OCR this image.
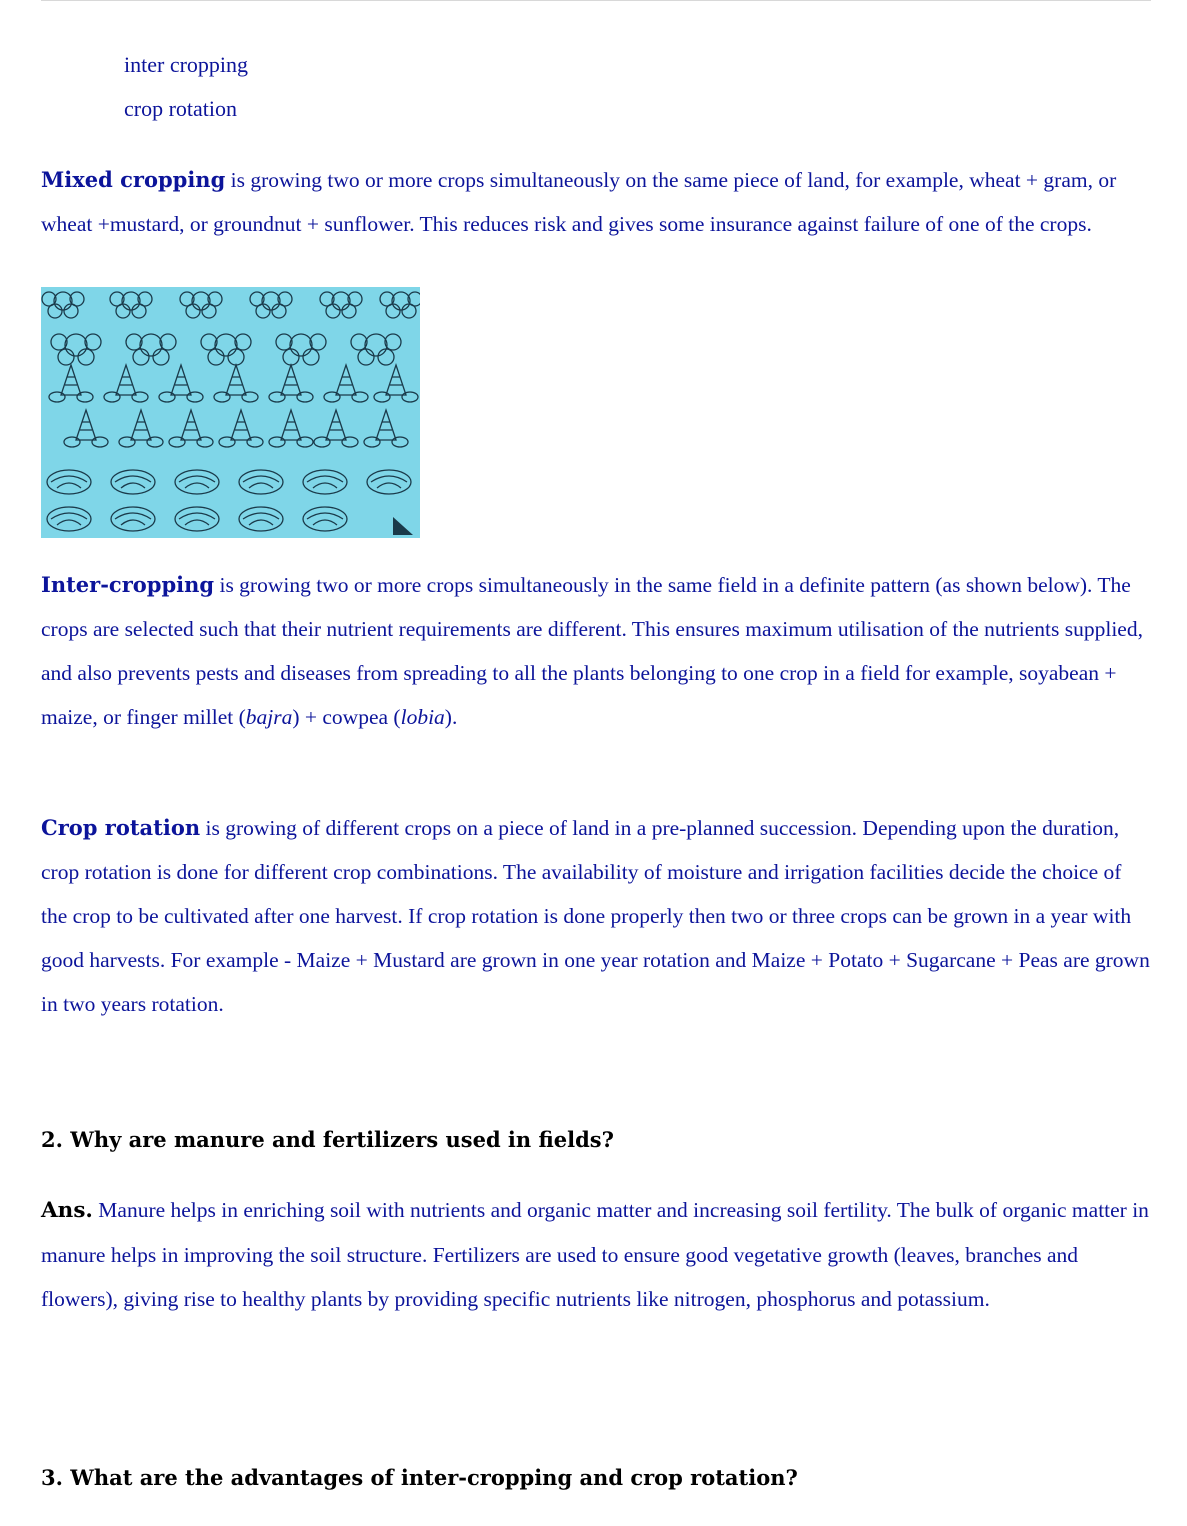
inter cropping
crop rotation
Mixed cropping is growing two or more crops simultaneously on the same piece of land, for example, wheat + gram, or wheat +mustard, or groundnut + sunflower. This reduces risk and gives some insurance against failure of one of the crops.
Inter-cropping is growing two or more crops simultaneously in the same field in a definite pattern (as shown below). The crops are selected such that their nutrient requirements are different. This ensures maximum utilisation of the nutrients supplied, and also prevents pests and diseases from spreading to all the plants belonging to one crop in a field for example, soyabean + maize, or finger millet (bajra) + cowpea (lobia).
Crop rotation is growing of different crops on a piece of land in a pre-planned succession. Depending upon the duration, crop rotation is done for different crop combinations. The availability of moisture and irrigation facilities decide the choice of the crop to be cultivated after one harvest. If crop rotation is done properly then two or three crops can be grown in a year with good harvests. For example - Maize + Mustard are grown in one year rotation and Maize + Potato + Sugarcane + Peas are grown in two years rotation.
2. Why are manure and fertilizers used in fields?
Ans. Manure helps in enriching soil with nutrients and organic matter and increasing soil fertility. The bulk of organic matter in manure helps in improving the soil structure. Fertilizers are used to ensure good vegetative growth (leaves, branches and flowers), giving rise to healthy plants by providing specific nutrients like nitrogen, phosphorus and potassium.
3. What are the advantages of inter-cropping and crop rotation?
